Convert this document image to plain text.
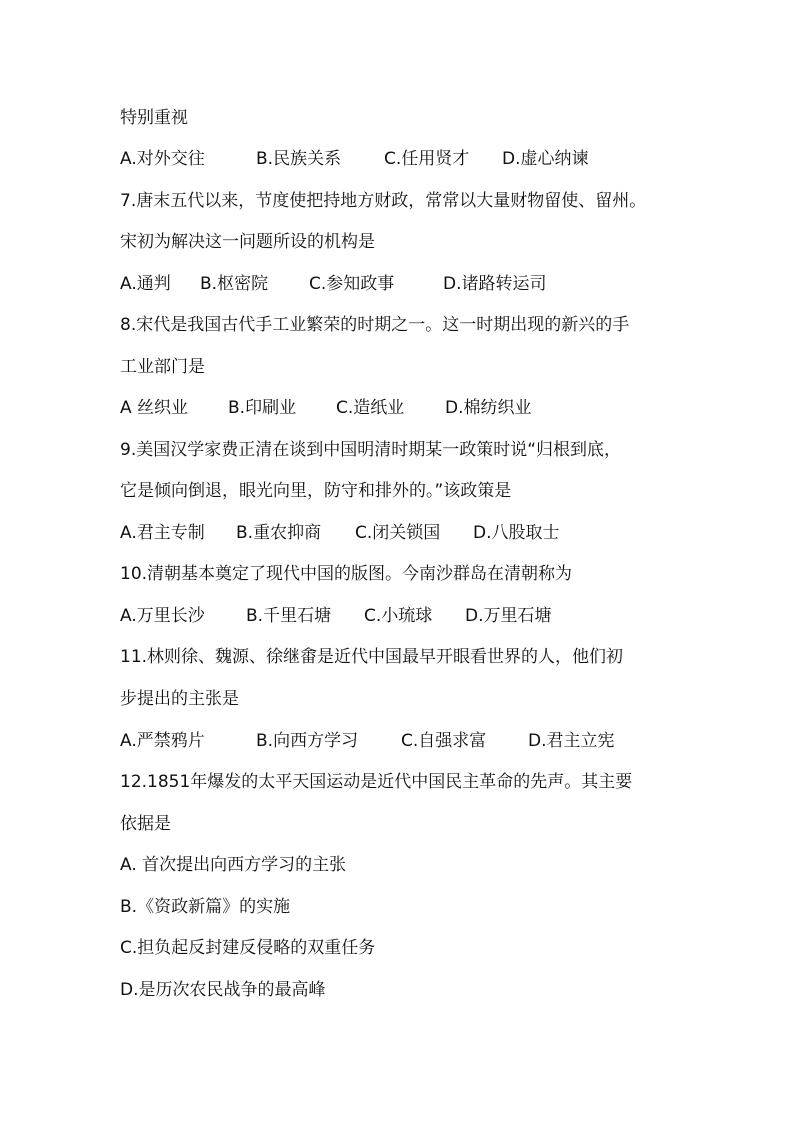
特别重视
A.对外交往	B.民族关系	C.任用贤才 D.虚心纳谏
7.唐末五代以来，节度使把持地方财政，常常以大量财物留使、留州。
宋初为解决这一问题所设的机构是
A.通判 B.枢密院 C.参知政事	D.诸路转运司
8.宋代是我国古代手工业繁荣的时期之一。这一时期出现的新兴的手
工业部门是
A 丝织业 B.印刷业 C.造纸业 D.棉纺织业
9.美国汉学家费正清在谈到中国明清时期某一政策时说“归根到底，
它是倾向倒退，眼光向里，防守和排外的。”该政策是
A.君主专制 B.重农抑商 C.闭关锁国 D.八股取士
10.清朝基本奠定了现代中国的版图。今南沙群岛在清朝称为
A.万里长沙 B.千里石塘 C.小琉球 D.万里石塘
11.林则徐、魏源、徐继畬是近代中国最早开眼看世界的人，他们初
步提出的主张是
A.严禁鸦片	B.向西方学习	C.自强求富 D.君主立宪
12.1851年爆发的太平天国运动是近代中国民主革命的先声。其主要
依据是
A. 首次提出向西方学习的主张
B.《资政新篇》的实施
C.担负起反封建反侵略的双重任务
D.是历次农民战争的最高峰
